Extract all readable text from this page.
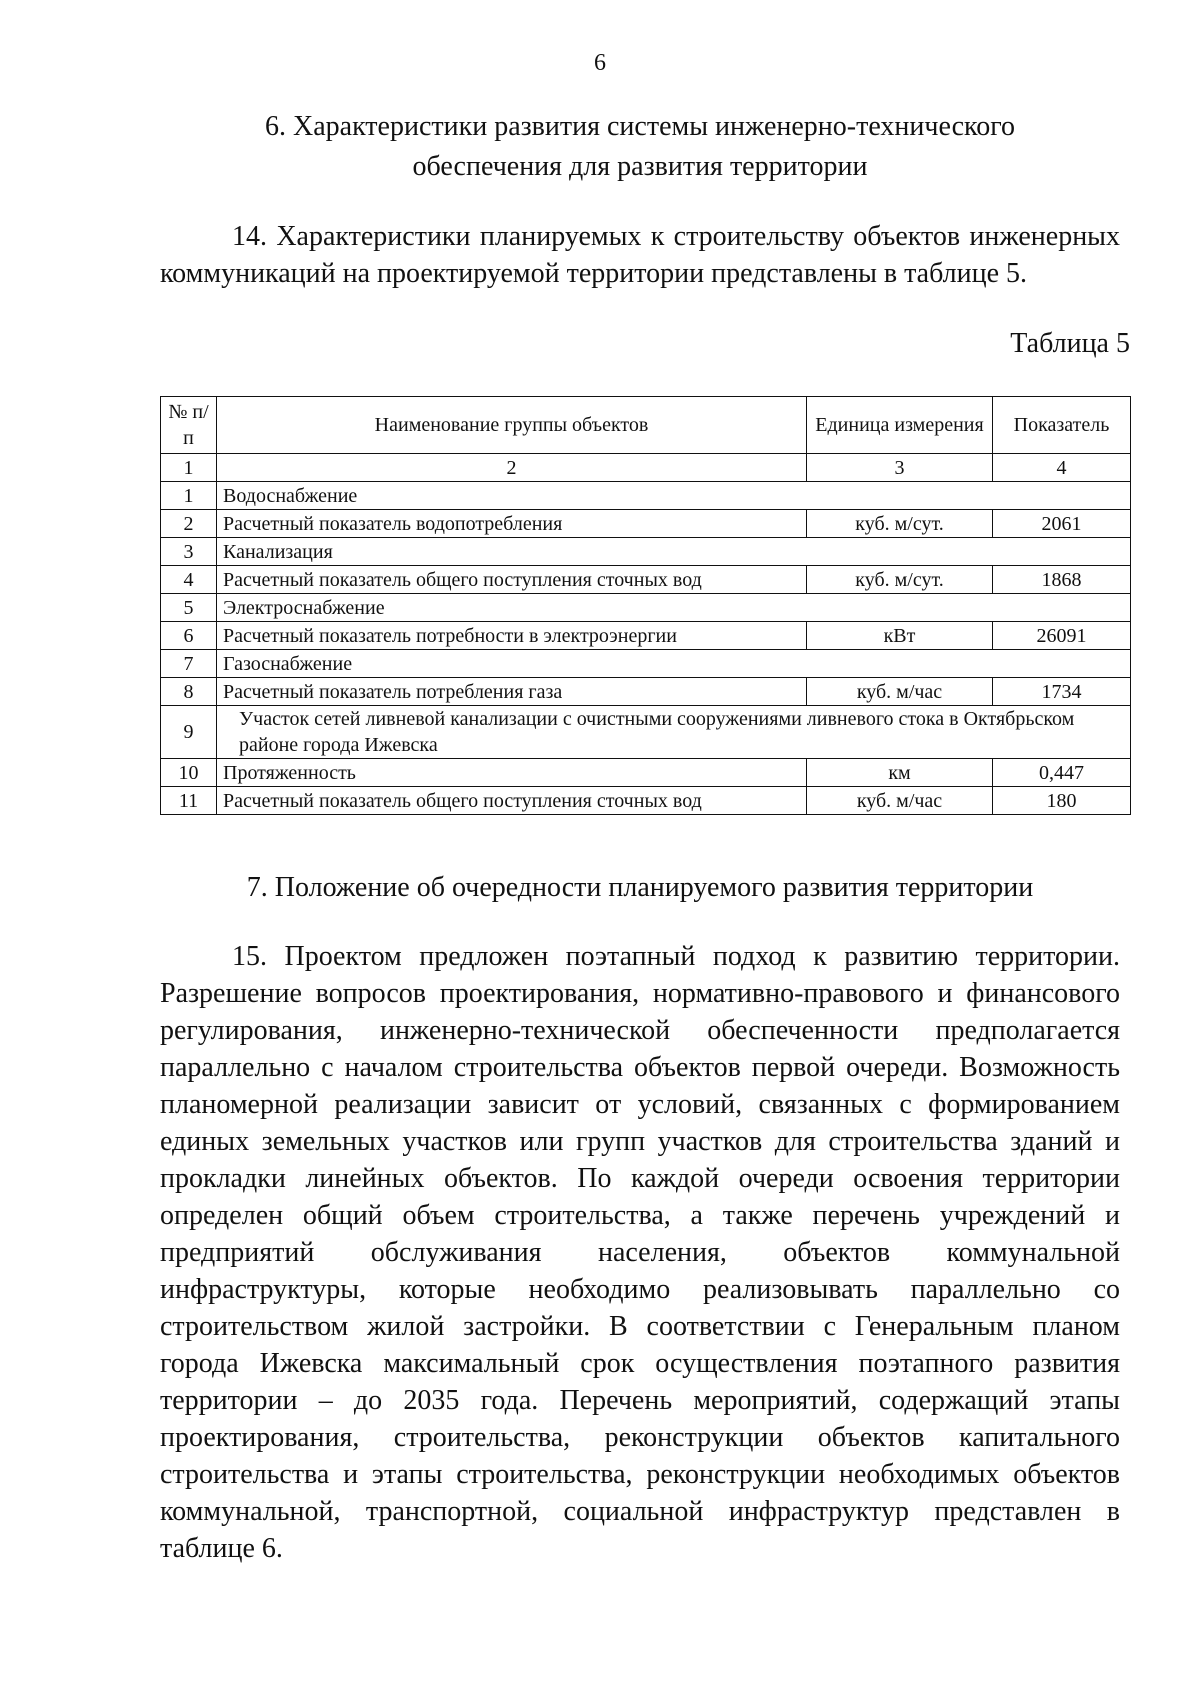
6
6. Характеристики развития системы инженерно-технического
обеспечения для развития территории
14. Характеристики планируемых к строительству объектов инженерных коммуникаций на проектируемой территории представлены в таблице 5.
Таблица 5
№ п/п	Наименование группы объектов	Единица измерения	Показатель
1	2	3	4
1	Водоснабжение		
2	Расчетный показатель водопотребления	куб. м/сут.	2061
3	Канализация		
4	Расчетный показатель общего поступления сточных вод	куб. м/сут.	1868
5	Электроснабжение		
6	Расчетный показатель потребности в электроэнергии	кВт	26091
7	Газоснабжение		
8	Расчетный показатель потребления газа	куб. м/час	1734
9	Участок сетей ливневой канализации с очистными сооружениями ливневого стока в Октябрьском районе города Ижевска		
10	Протяженность	км	0,447
11	Расчетный показатель общего поступления сточных вод	куб. м/час	180
7. Положение об очередности планируемого развития территории
15. Проектом предложен поэтапный подход к развитию территории. Разрешение вопросов проектирования, нормативно-правового и финансового регулирования, инженерно-технической обеспеченности предполагается параллельно с началом строительства объектов первой очереди. Возможность планомерной реализации зависит от условий, связанных с формированием единых земельных участков или групп участков для строительства зданий и прокладки линейных объектов. По каждой очереди освоения территории определен общий объем строительства, а также перечень учреждений и предприятий обслуживания населения, объектов коммунальной инфраструктуры, которые необходимо реализовывать параллельно со строительством жилой застройки. В соответствии с Генеральным планом города Ижевска максимальный срок осуществления поэтапного развития территории – до 2035 года. Перечень мероприятий, содержащий этапы проектирования, строительства, реконструкции объектов капитального строительства и этапы строительства, реконструкции необходимых объектов коммунальной, транспортной, социальной инфраструктур представлен в таблице 6.
